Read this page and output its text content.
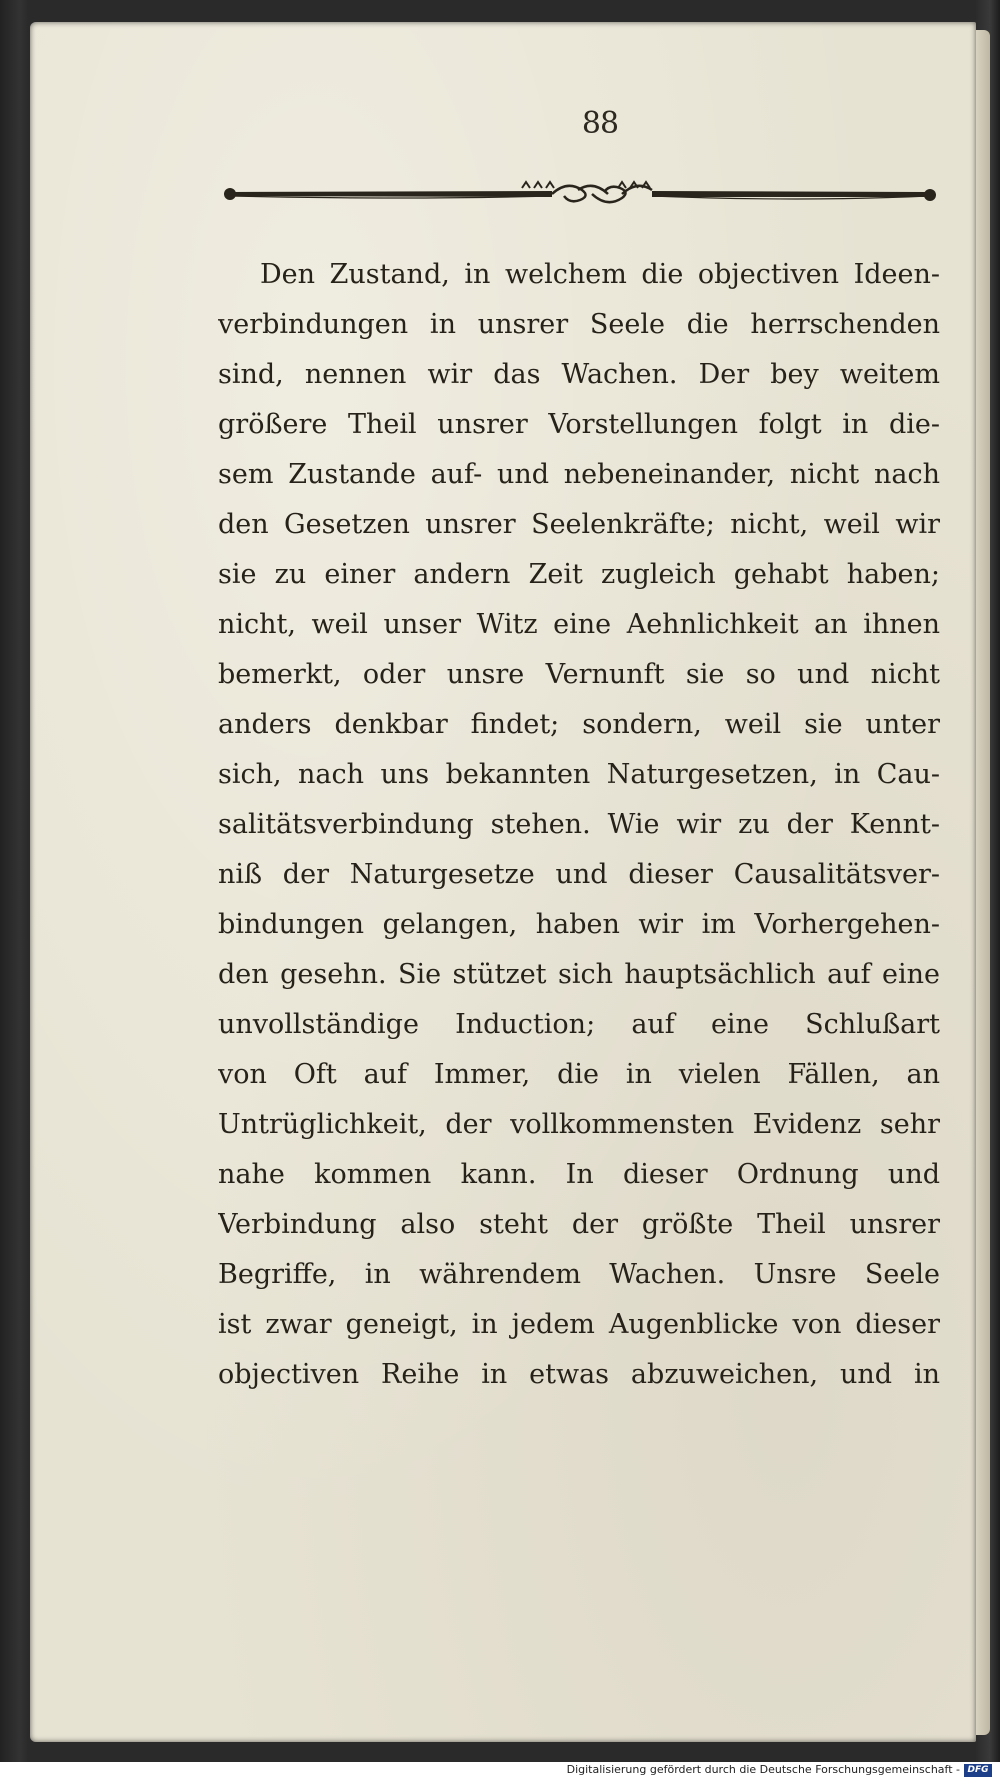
88
Den Zustand, in welchem die objectiven Ideen-
verbindungen in unsrer Seele die herrschenden
sind, nennen wir das Wachen. Der bey weitem
größere Theil unsrer Vorstellungen folgt in die-
sem Zustande auf- und nebeneinander, nicht nach
den Gesetzen unsrer Seelenkräfte; nicht, weil wir
sie zu einer andern Zeit zugleich gehabt haben;
nicht, weil unser Witz eine Aehnlichkeit an ihnen
bemerkt, oder unsre Vernunft sie so und nicht
anders denkbar findet; sondern, weil sie unter
sich, nach uns bekannten Naturgesetzen, in Cau-
salitätsverbindung stehen. Wie wir zu der Kennt-
niß der Naturgesetze und dieser Causalitätsver-
bindungen gelangen, haben wir im Vorhergehen-
den gesehn. Sie stützet sich hauptsächlich auf eine
unvollständige Induction; auf eine Schlußart
von Oft auf Immer, die in vielen Fällen, an
Untrüglichkeit, der vollkommensten Evidenz sehr
nahe kommen kann. In dieser Ordnung und
Verbindung also steht der größte Theil unsrer
Begriffe, in währendem Wachen. Unsre Seele
ist zwar geneigt, in jedem Augenblicke von dieser
objectiven Reihe in etwas abzuweichen, und in
Digitalisierung gefördert durch die Deutsche Forschungsgemeinschaft - DFG
